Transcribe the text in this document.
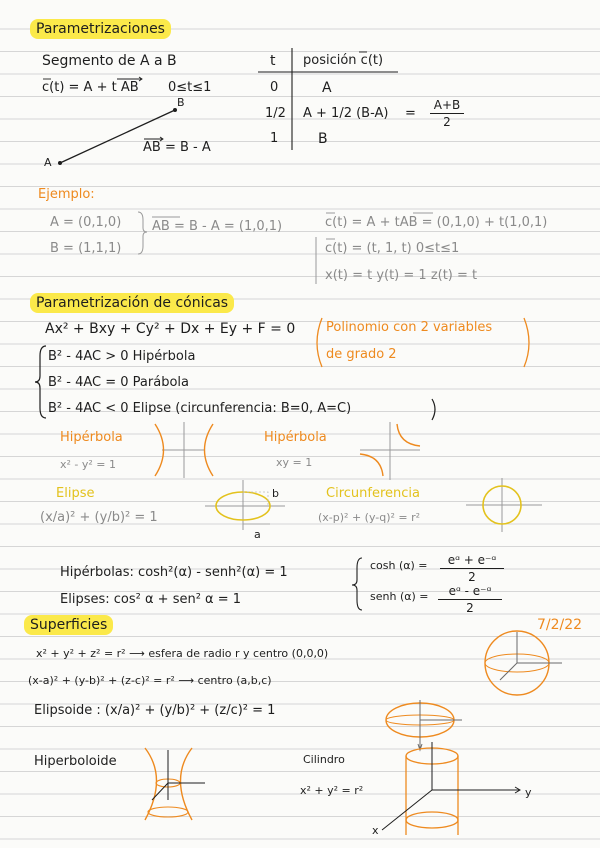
Parametrizaciones
Segmento de A a B
c(t) = A + t AB 0≤t≤1
B
A
AB = B - A
t posición c(t)
0	A
1/2 A + 1/2 (B-A) =
A+B
2
1	B
Ejemplo:
A = (0,1,0)
B = (1,1,1)
AB = B - A = (1,0,1)	c(t) = A + tAB = (0,1,0) + t(1,0,1)
c(t) = (t, 1, t) 0≤t≤1
x(t) = t y(t) = 1 z(t) = t
Parametrización de cónicas
Ax² + Bxy + Cy² + Dx + Ey + F = 0 Polinomio con 2 variables
de grado 2
B² - 4AC > 0 Hipérbola
B² - 4AC = 0 Parábola
B² - 4AC < 0 Elipse (circunferencia: B=0, A=C)
Hipérbola
x² - y² = 1
Hipérbola
xy = 1
Elipse
(x/a)² + (y/b)² = 1
b
a
Circunferencia
(x-p)² + (y-q)² = r²
Hipérbolas: cosh²(α) - senh²(α) = 1
Elipses: cos² α + sen² α = 1
cosh (α) =	eᵅ + e⁻ᵅ
2
senh (α) =	eᵅ - e⁻ᵅ
2
Superficies	7/2/22
x² + y² + z² = r² ⟶ esfera de radio r y centro (0,0,0)
(x-a)² + (y-b)² + (z-c)² = r² ⟶ centro (a,b,c)
Elipsoide : (x/a)² + (y/b)² + (z/c)² = 1
Hiperboloide	Cilindro
x² + y² = r²	y
x
